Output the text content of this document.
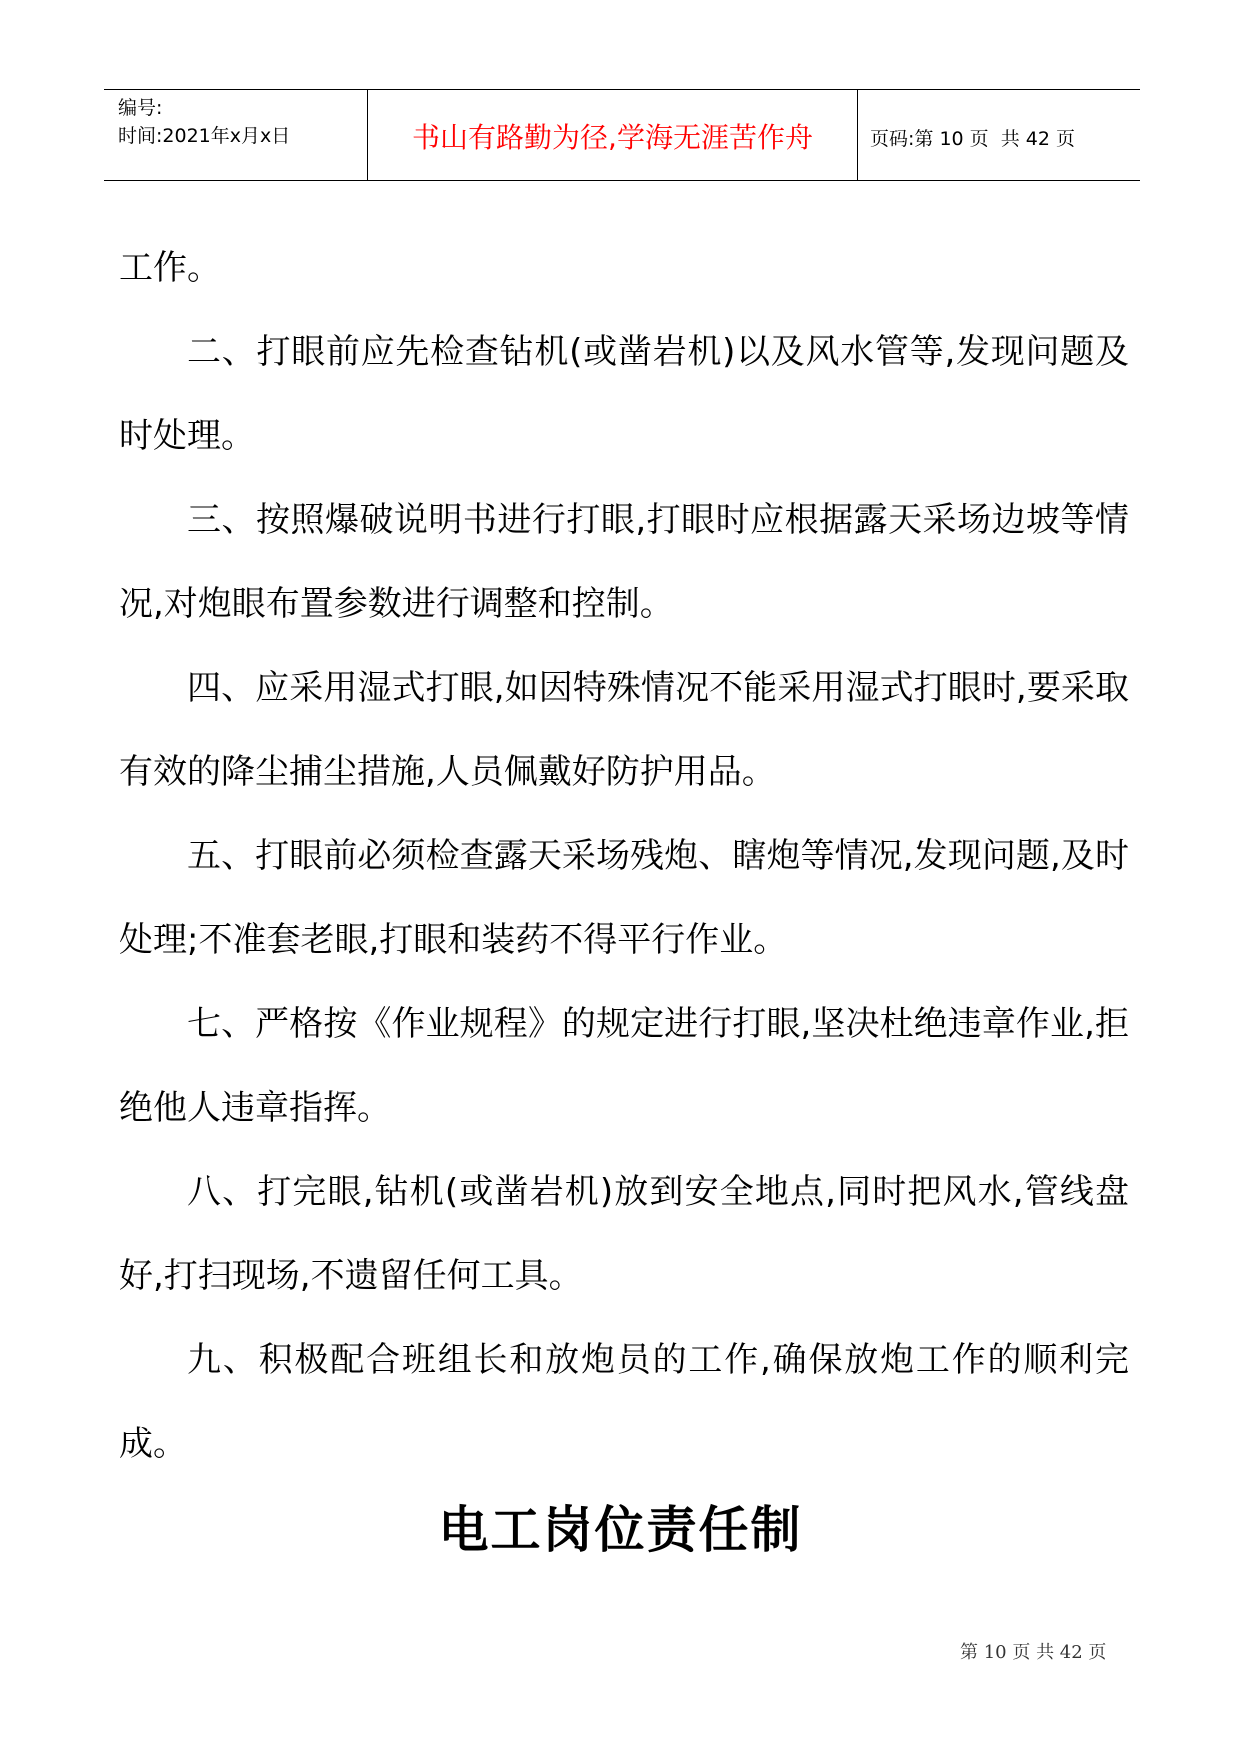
编号:
时间:2021年x月x日	书山有路勤为径,学海无涯苦作舟	页码:第 10 页  共 42 页

工作。

二、打眼前应先检查钻机(或凿岩机)以及风水管等,发现问题及时处理。

三、按照爆破说明书进行打眼,打眼时应根据露天采场边坡等情况,对炮眼布置参数进行调整和控制。

四、应采用湿式打眼,如因特殊情况不能采用湿式打眼时,要采取有效的降尘捕尘措施,人员佩戴好防护用品。

五、打眼前必须检查露天采场残炮、瞎炮等情况,发现问题,及时处理;不准套老眼,打眼和装药不得平行作业。

七、严格按《作业规程》的规定进行打眼,坚决杜绝违章作业,拒绝他人违章指挥。

八、打完眼,钻机(或凿岩机)放到安全地点,同时把风水,管线盘好,打扫现场,不遗留任何工具。

九、积极配合班组长和放炮员的工作,确保放炮工作的顺利完成。

电工岗位责任制
第 10 页 共 42 页
